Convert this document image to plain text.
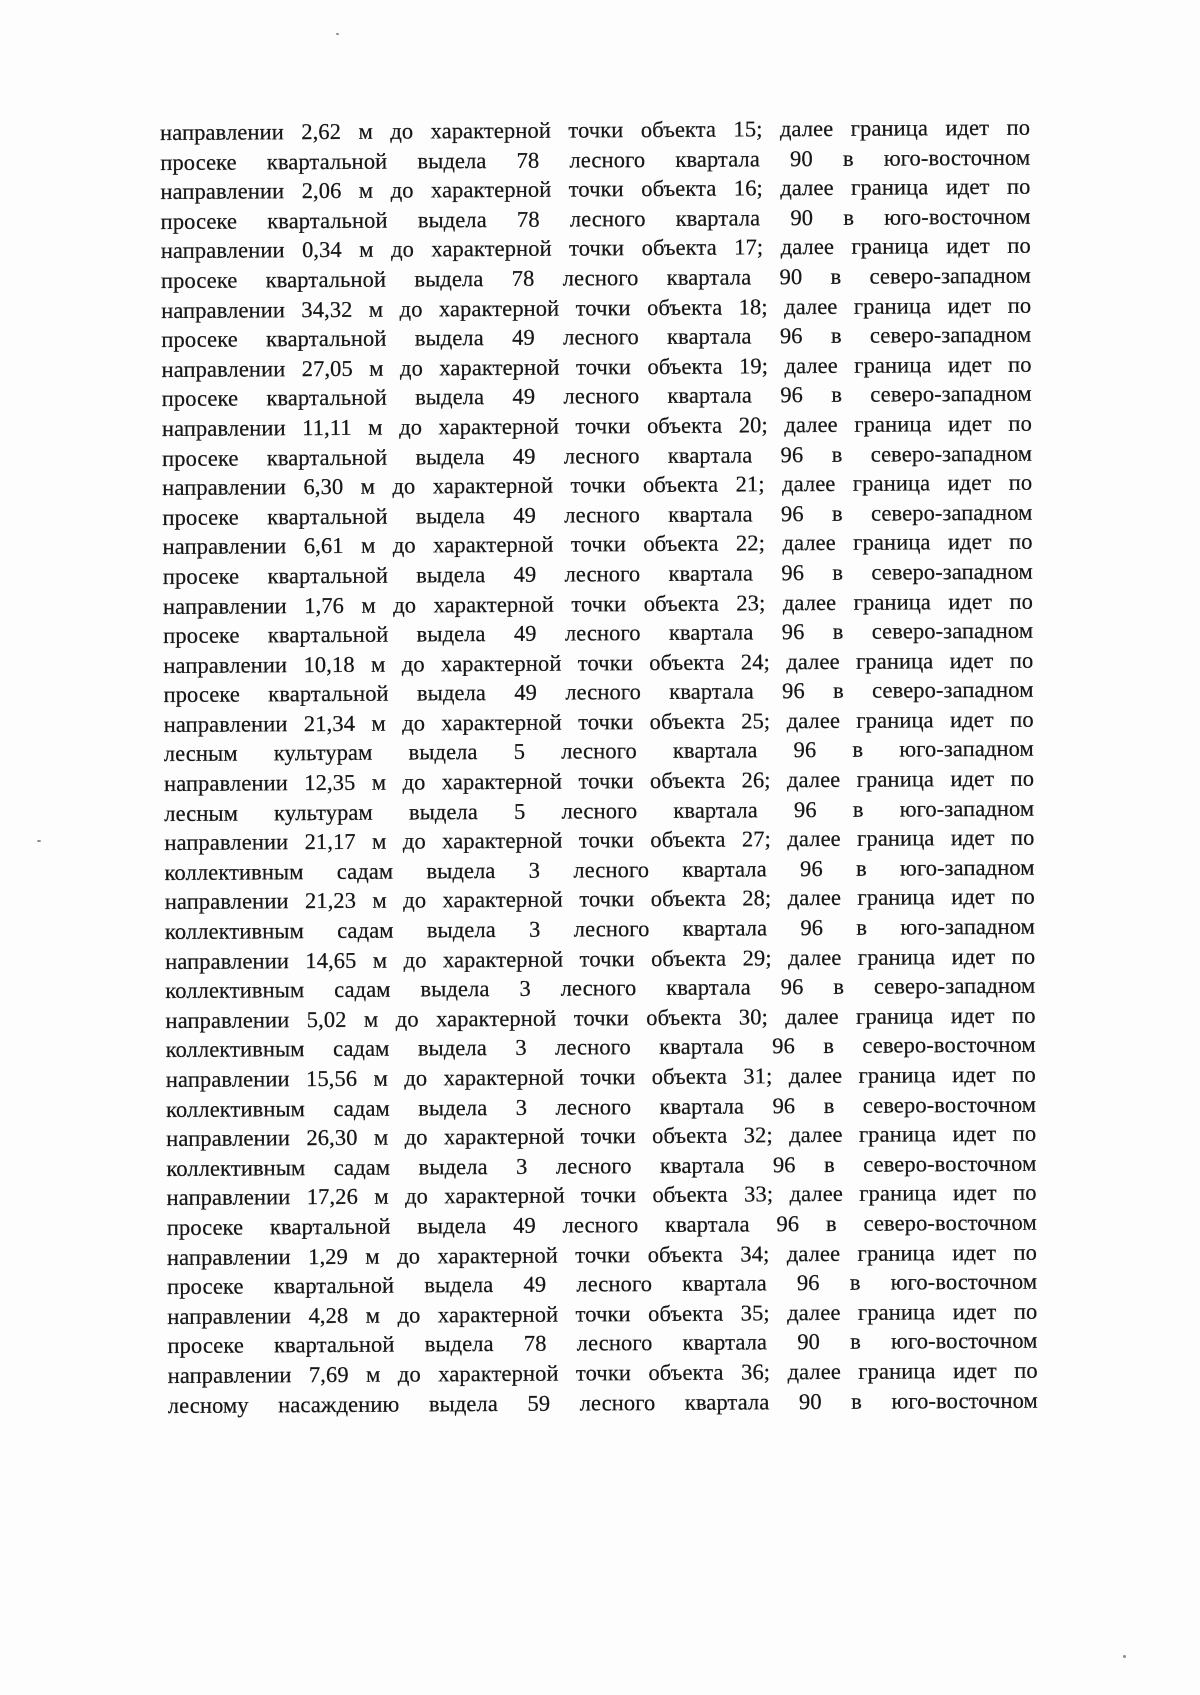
направлении 2,62 м до характерной точки объекта 15; далее граница идет по
просеке квартальной выдела 78 лесного квартала 90 в юго-восточном
направлении 2,06 м до характерной точки объекта 16; далее граница идет по
просеке квартальной выдела 78 лесного квартала 90 в юго-восточном
направлении 0,34 м до характерной точки объекта 17; далее граница идет по
просеке квартальной выдела 78 лесного квартала 90 в северо-западном
направлении 34,32 м до характерной точки объекта 18; далее граница идет по
просеке квартальной выдела 49 лесного квартала 96 в северо-западном
направлении 27,05 м до характерной точки объекта 19; далее граница идет по
просеке квартальной выдела 49 лесного квартала 96 в северо-западном
направлении 11,11 м до характерной точки объекта 20; далее граница идет по
просеке квартальной выдела 49 лесного квартала 96 в северо-западном
направлении 6,30 м до характерной точки объекта 21; далее граница идет по
просеке квартальной выдела 49 лесного квартала 96 в северо-западном
направлении 6,61 м до характерной точки объекта 22; далее граница идет по
просеке квартальной выдела 49 лесного квартала 96 в северо-западном
направлении 1,76 м до характерной точки объекта 23; далее граница идет по
просеке квартальной выдела 49 лесного квартала 96 в северо-западном
направлении 10,18 м до характерной точки объекта 24; далее граница идет по
просеке квартальной выдела 49 лесного квартала 96 в северо-западном
направлении 21,34 м до характерной точки объекта 25; далее граница идет по
лесным культурам выдела 5 лесного квартала 96 в юго-западном
направлении 12,35 м до характерной точки объекта 26; далее граница идет по
лесным культурам выдела 5 лесного квартала 96 в юго-западном
направлении 21,17 м до характерной точки объекта 27; далее граница идет по
коллективным садам выдела 3 лесного квартала 96 в юго-западном
направлении 21,23 м до характерной точки объекта 28; далее граница идет по
коллективным садам выдела 3 лесного квартала 96 в юго-западном
направлении 14,65 м до характерной точки объекта 29; далее граница идет по
коллективным садам выдела 3 лесного квартала 96 в северо-западном
направлении 5,02 м до характерной точки объекта 30; далее граница идет по
коллективным садам выдела 3 лесного квартала 96 в северо-восточном
направлении 15,56 м до характерной точки объекта 31; далее граница идет по
коллективным садам выдела 3 лесного квартала 96 в северо-восточном
направлении 26,30 м до характерной точки объекта 32; далее граница идет по
коллективным садам выдела 3 лесного квартала 96 в северо-восточном
направлении 17,26 м до характерной точки объекта 33; далее граница идет по
просеке квартальной выдела 49 лесного квартала 96 в северо-восточном
направлении 1,29 м до характерной точки объекта 34; далее граница идет по
просеке квартальной выдела 49 лесного квартала 96 в юго-восточном
направлении 4,28 м до характерной точки объекта 35; далее граница идет по
просеке квартальной выдела 78 лесного квартала 90 в юго-восточном
направлении 7,69 м до характерной точки объекта 36; далее граница идет по
лесному насаждению выдела 59 лесного квартала 90 в юго-восточном
